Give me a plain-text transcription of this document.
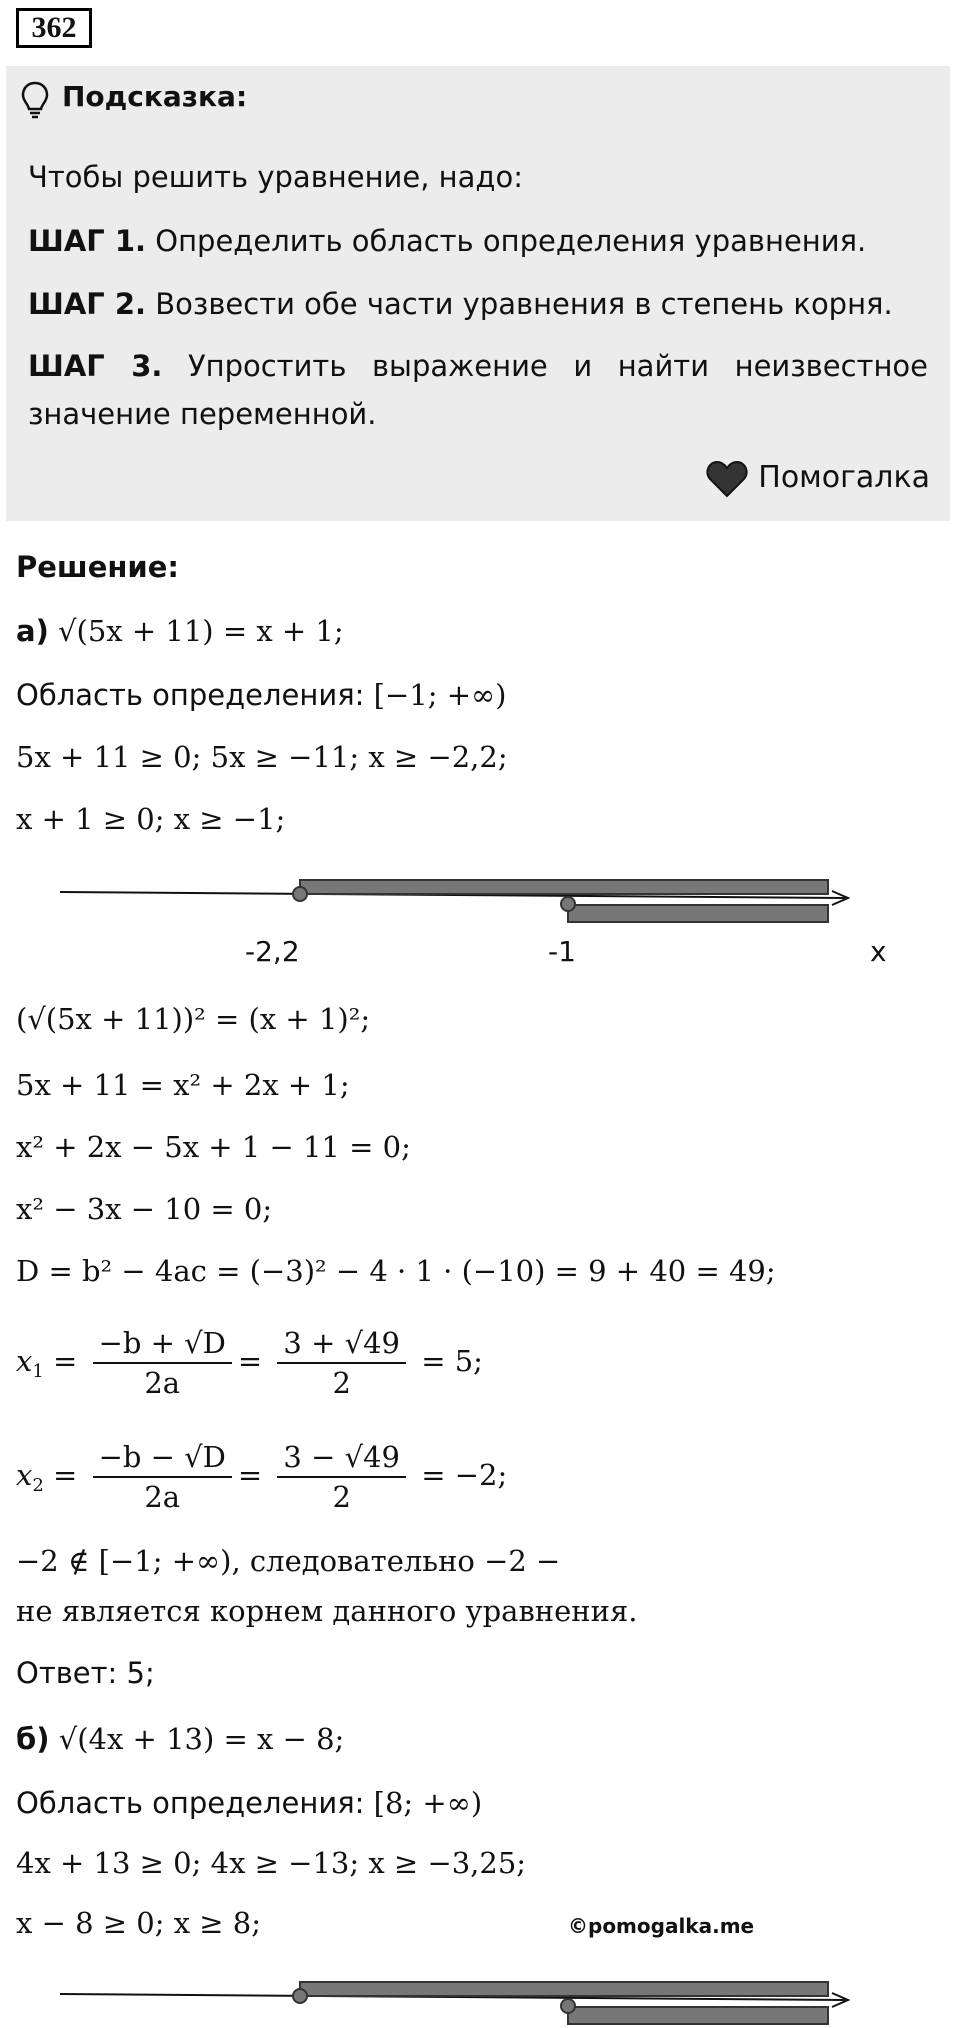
362
Подсказка:
Чтобы решить уравнение, надо:
ШАГ 1. Определить область определения уравнения.
ШАГ 2. Возвести обе части уравнения в степень корня.
ШАГ 3. Упростить выражение и найти неизвестное
значение переменной.
Помогалка
Решение:
а) √(5x + 11) = x + 1;
Область определения: [−1; +∞)
5x + 11 ≥ 0; 5x ≥ −11; x ≥ −2,2;
x + 1 ≥ 0; x ≥ −1;
-2,2	-1	x
(√(5x + 11))² = (x + 1)²;
5x + 11 = x² + 2x + 1;
x² + 2x − 5x + 1 − 11 = 0;
x² − 3x − 10 = 0;
D = b² − 4ac = (−3)² − 4 · 1 · (−10) = 9 + 40 = 49;
$x_1 = \frac{-b + √D}{2a} = \frac{3 + √49}{2} = 5$;
$x_2 = \frac{-b - √D}{2a} = \frac{3 - √49}{2} = -2$;
−2 ∉ [−1; +∞), следовательно −2 −
не является корнем данного уравнения.
Ответ: 5;
б) √(4x + 13) = x − 8;
Область определения: [8; +∞)
4x + 13 ≥ 0; 4x ≥ −13; x ≥ −3,25;
x − 8 ≥ 0; x ≥ 8;	©pomogalka.me
